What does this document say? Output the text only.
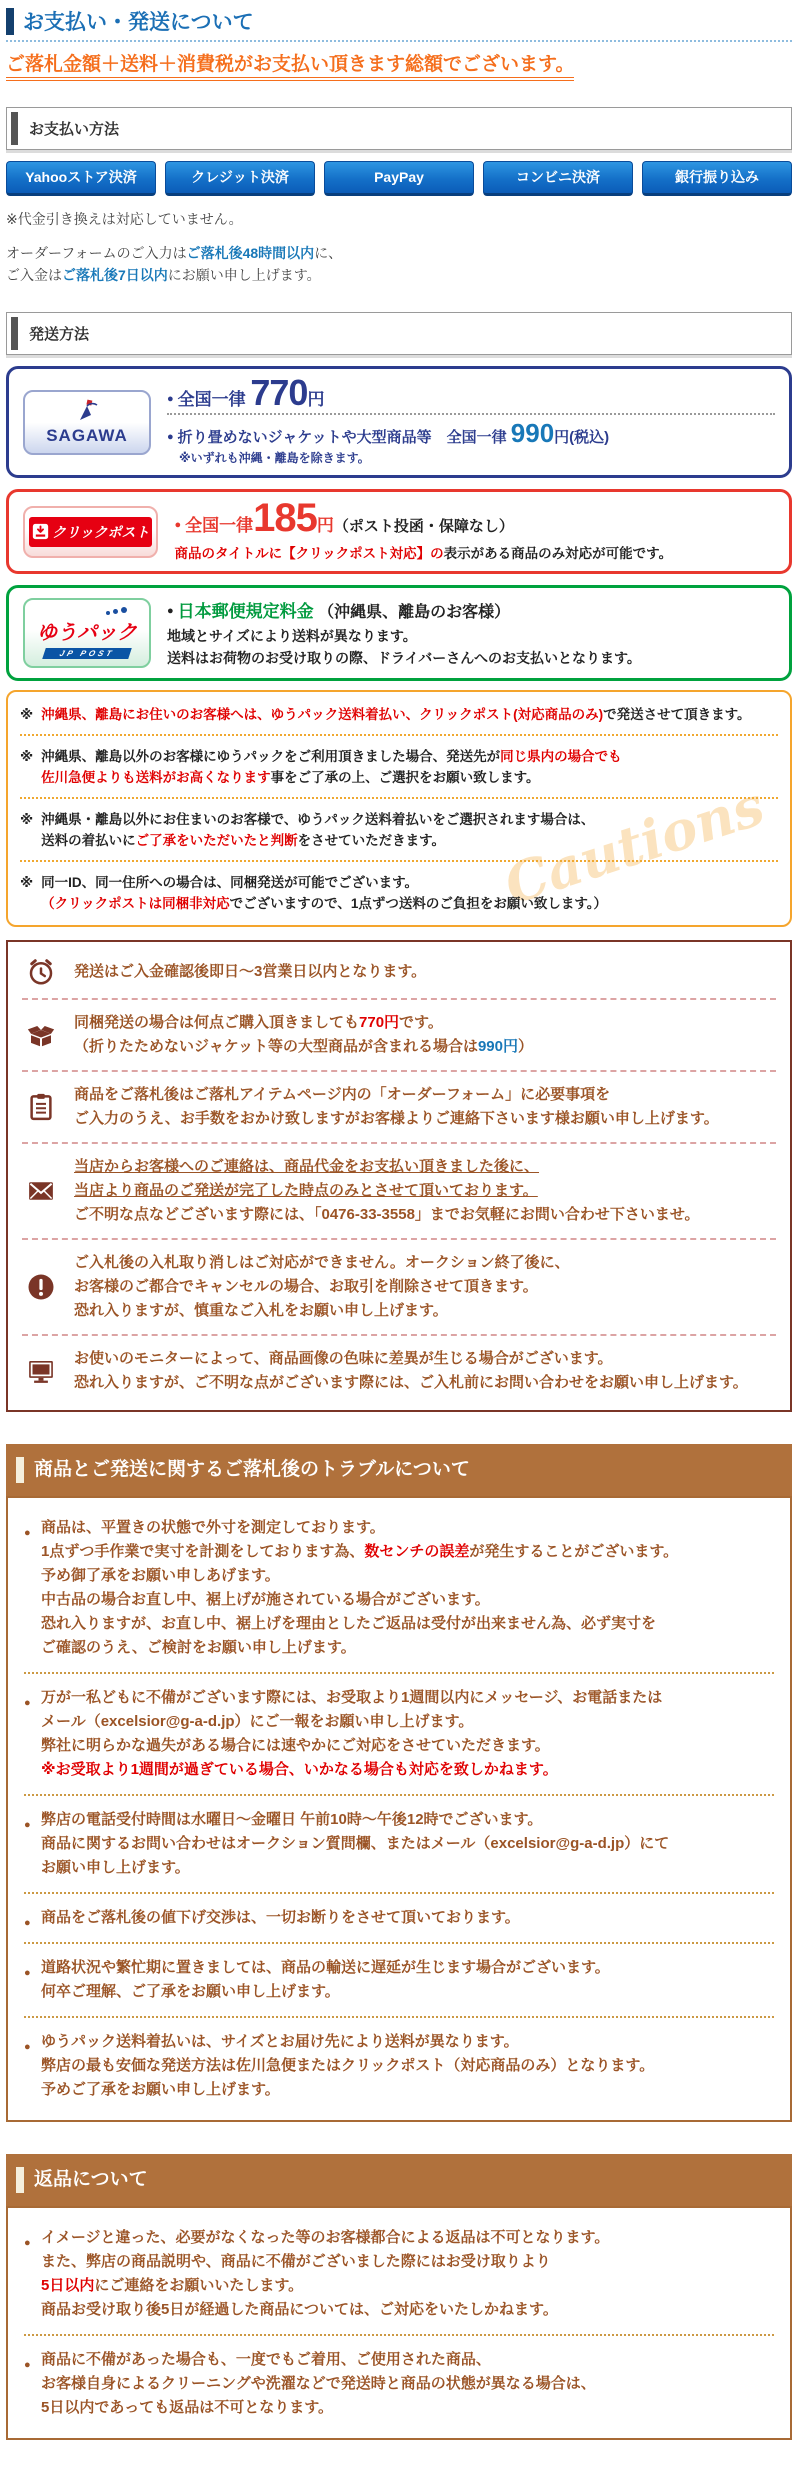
お支払い・発送について
ご落札金額＋送料＋消費税がお支払い頂きます総額でございます。
お支払い方法
Yahooストア決済	クレジット決済	PayPay	コンビニ決済	銀行振り込み
※代金引き換えは対応していません。
オーダーフォームのご入力はご落札後48時間以内に、
ご入金はご落札後7日以内にお願い申し上げます。
発送方法
SAGAWA
● 全国一律 770円
● 折り畳めないジャケットや大型商品等　全国一律 990円(税込)
※いずれも沖縄・離島を除きます。
クリックポスト	● 全国一律185円（ポスト投函・保障なし）
商品のタイトルに【クリックポスト対応】の表示がある商品のみ対応が可能です。
ゆうパック
JP POST
● 日本郵便規定料金 （沖縄県、離島のお客様）
地域とサイズにより送料が異なります。
送料はお荷物のお受け取りの際、ドライバーさんへのお支払いとなります。
Cautions
※ 沖縄県、離島にお住いのお客様へは、ゆうパック送料着払い、クリックポスト(対応商品のみ)で発送させて頂きます。
※ 沖縄県、離島以外のお客様にゆうパックをご利用頂きました場合、発送先が同じ県内の場合でも
佐川急便よりも送料がお高くなります事をご了承の上、ご選択をお願い致します。
※ 沖縄県・離島以外にお住まいのお客様で、ゆうパック送料着払いをご選択されます場合は、
送料の着払いにご了承をいただいたと判断をさせていただきます。
※ 同一ID、同一住所への場合は、同梱発送が可能でございます。
（クリックポストは同梱非対応でございますので、1点ずつ送料のご負担をお願い致します。）
発送はご入金確認後即日～3営業日以内となります。
同梱発送の場合は何点ご購入頂きましても770円です。
（折りたためないジャケット等の大型商品が含まれる場合は990円）
商品をご落札後はご落札アイテムページ内の「オーダーフォーム」に必要事項を
ご入力のうえ、お手数をおかけ致しますがお客様よりご連絡下さいます様お願い申し上げます。
当店からお客様へのご連絡は、商品代金をお支払い頂きました後に、
当店より商品のご発送が完了した時点のみとさせて頂いております。
ご不明な点などございます際には、「0476-33-3558」までお気軽にお問い合わせ下さいませ。
ご入札後の入札取り消しはご対応ができません。オークション終了後に、
お客様のご都合でキャンセルの場合、お取引を削除させて頂きます。
恐れ入りますが、慎重なご入札をお願い申し上げます。
お使いのモニターによって、商品画像の色味に差異が生じる場合がございます。
恐れ入りますが、ご不明な点がございます際には、ご入札前にお問い合わせをお願い申し上げます。
商品とご発送に関するご落札後のトラブルについて
● 商品は、平置きの状態で外寸を測定しております。
1点ずつ手作業で実寸を計測をしております為、数センチの誤差が発生することがございます。
予め御了承をお願い申しあげます。
中古品の場合お直し中、裾上げが施されている場合がございます。
恐れ入りますが、お直し中、裾上げを理由としたご返品は受付が出来ません為、必ず実寸を
ご確認のうえ、ご検討をお願い申し上げます。
● 万が一私どもに不備がございます際には、お受取より1週間以内にメッセージ、お電話または
メール（excelsior@g-a-d.jp）にご一報をお願い申し上げます。
弊社に明らかな過失がある場合には速やかにご対応をさせていただきます。
※お受取より1週間が過ぎている場合、いかなる場合も対応を致しかねます。
● 弊店の電話受付時間は水曜日～金曜日 午前10時～午後12時でございます。
商品に関するお問い合わせはオークション質問欄、またはメール（excelsior@g-a-d.jp）にて
お願い申し上げます。
● 商品をご落札後の値下げ交渉は、一切お断りをさせて頂いております。
● 道路状況や繁忙期に置きましては、商品の輸送に遅延が生じます場合がございます。
何卒ご理解、ご了承をお願い申し上げます。
● ゆうパック送料着払いは、サイズとお届け先により送料が異なります。
弊店の最も安価な発送方法は佐川急便またはクリックポスト（対応商品のみ）となります。
予めご了承をお願い申し上げます。
返品について
● イメージと違った、必要がなくなった等のお客様都合による返品は不可となります。
また、弊店の商品説明や、商品に不備がございました際にはお受け取りより
5日以内にご連絡をお願いいたします。
商品お受け取り後5日が経過した商品については、ご対応をいたしかねます。
● 商品に不備があった場合も、一度でもご着用、ご使用された商品、
お客様自身によるクリーニングや洗濯などで発送時と商品の状態が異なる場合は、
5日以内であっても返品は不可となります。
